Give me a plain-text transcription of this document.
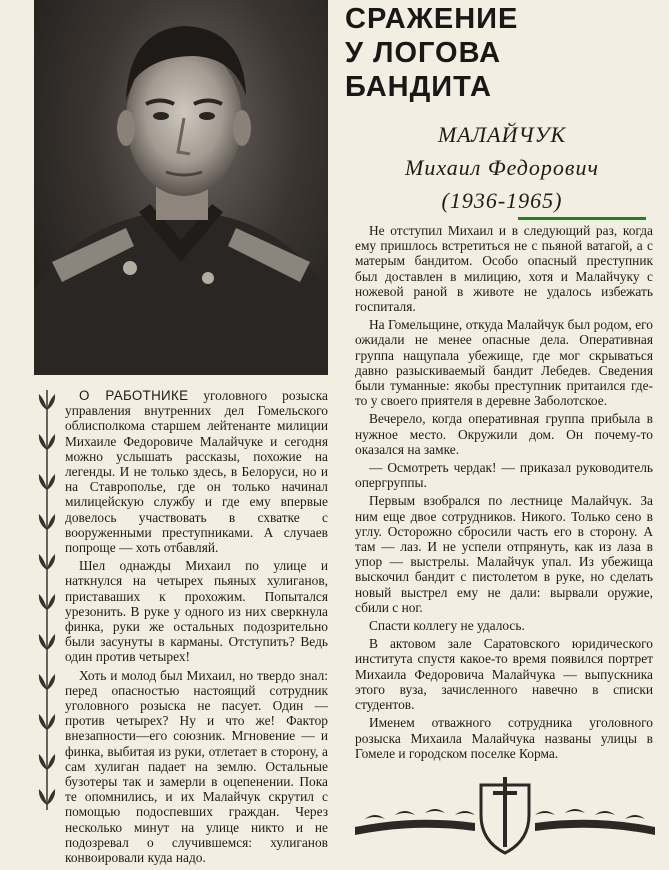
СРАЖЕНИЕ
У ЛОГОВА
БАНДИТА
МАЛАЙЧУК
Михаил Федорович
(1936-1965)

О РАБОТНИКЕ уголовного розыска управления внутренних дел Гомельского облисполкома старшем лейтенанте милиции Михаиле Федоровиче Малайчуке и сегодня можно услышать рассказы, похожие на легенды. И не только здесь, в Белоруси, но и на Ставрополье, где он только начинал милицейскую службу и где ему впервые довелось участвовать в схватке с вооруженными преступниками. А случаев попроще — хоть отбавляй.

Шел однажды Михаил по улице и наткнулся на четырех пьяных хулиганов, приставаших к прохожим. Попытался урезонить. В руке у одного из них сверкнула финка, руки же остальных подозрительно были засунуты в карманы. Отступить? Ведь один против четырех!

Хоть и молод был Михаил, но твердо знал: перед опасностью настоящий сотрудник уголовного розыска не пасует. Один — против четырех? Ну и что же! Фактор внезапности—его союзник. Мгновение — и финка, выбитая из руки, отлетает в сторону, а сам хулиган падает на землю. Остальные бузотеры так и замерли в оцепенении. Пока те опомнились, и их Малайчук скрутил с помощью подоспевших граждан. Через несколько минут на улице никто и не подозревал о случившемся: хулиганов конвоировали куда надо.

Не отступил Михаил и в следующий раз, когда ему пришлось встретиться не с пьяной ватагой, а с матерым бандитом. Особо опасный преступник был доставлен в милицию, хотя и Малайчуку с ножевой раной в животе не удалось избежать госпиталя.

На Гомельщине, откуда Малайчук был родом, его ожидали не менее опасные дела. Оперативная группа нащупала убежище, где мог скрываться давно разыскиваемый бандит Лебедев. Сведения были туманные: якобы преступник притаился где-то у своего приятеля в деревне Заболотское.

Вечерело, когда оперативная группа прибыла в нужное место. Окружили дом. Он почему-то оказался на замке.

— Осмотреть чердак! — приказал руководитель опергруппы.

Первым взобрался по лестнице Малайчук. За ним еще двое сотрудников. Никого. Только сено в углу. Осторожно сбросили часть его в сторону. А там — лаз. И не успели отпрянуть, как из лаза в упор — выстрелы. Малайчук упал. Из убежища выскочил бандит с пистолетом в руке, но сделать новый выстрел ему не дали: вырвали оружие, сбили с ног.

Спасти коллегу не удалось.

В актовом зале Саратовского юридического института спустя какое-то время появился портрет Михаила Федоровича Малайчука — выпускника этого вуза, зачисленного навечно в списки студентов.

Именем отважного сотрудника уголовного розыска Михаила Малайчука названы улицы в Гомеле и городском поселке Корма.
